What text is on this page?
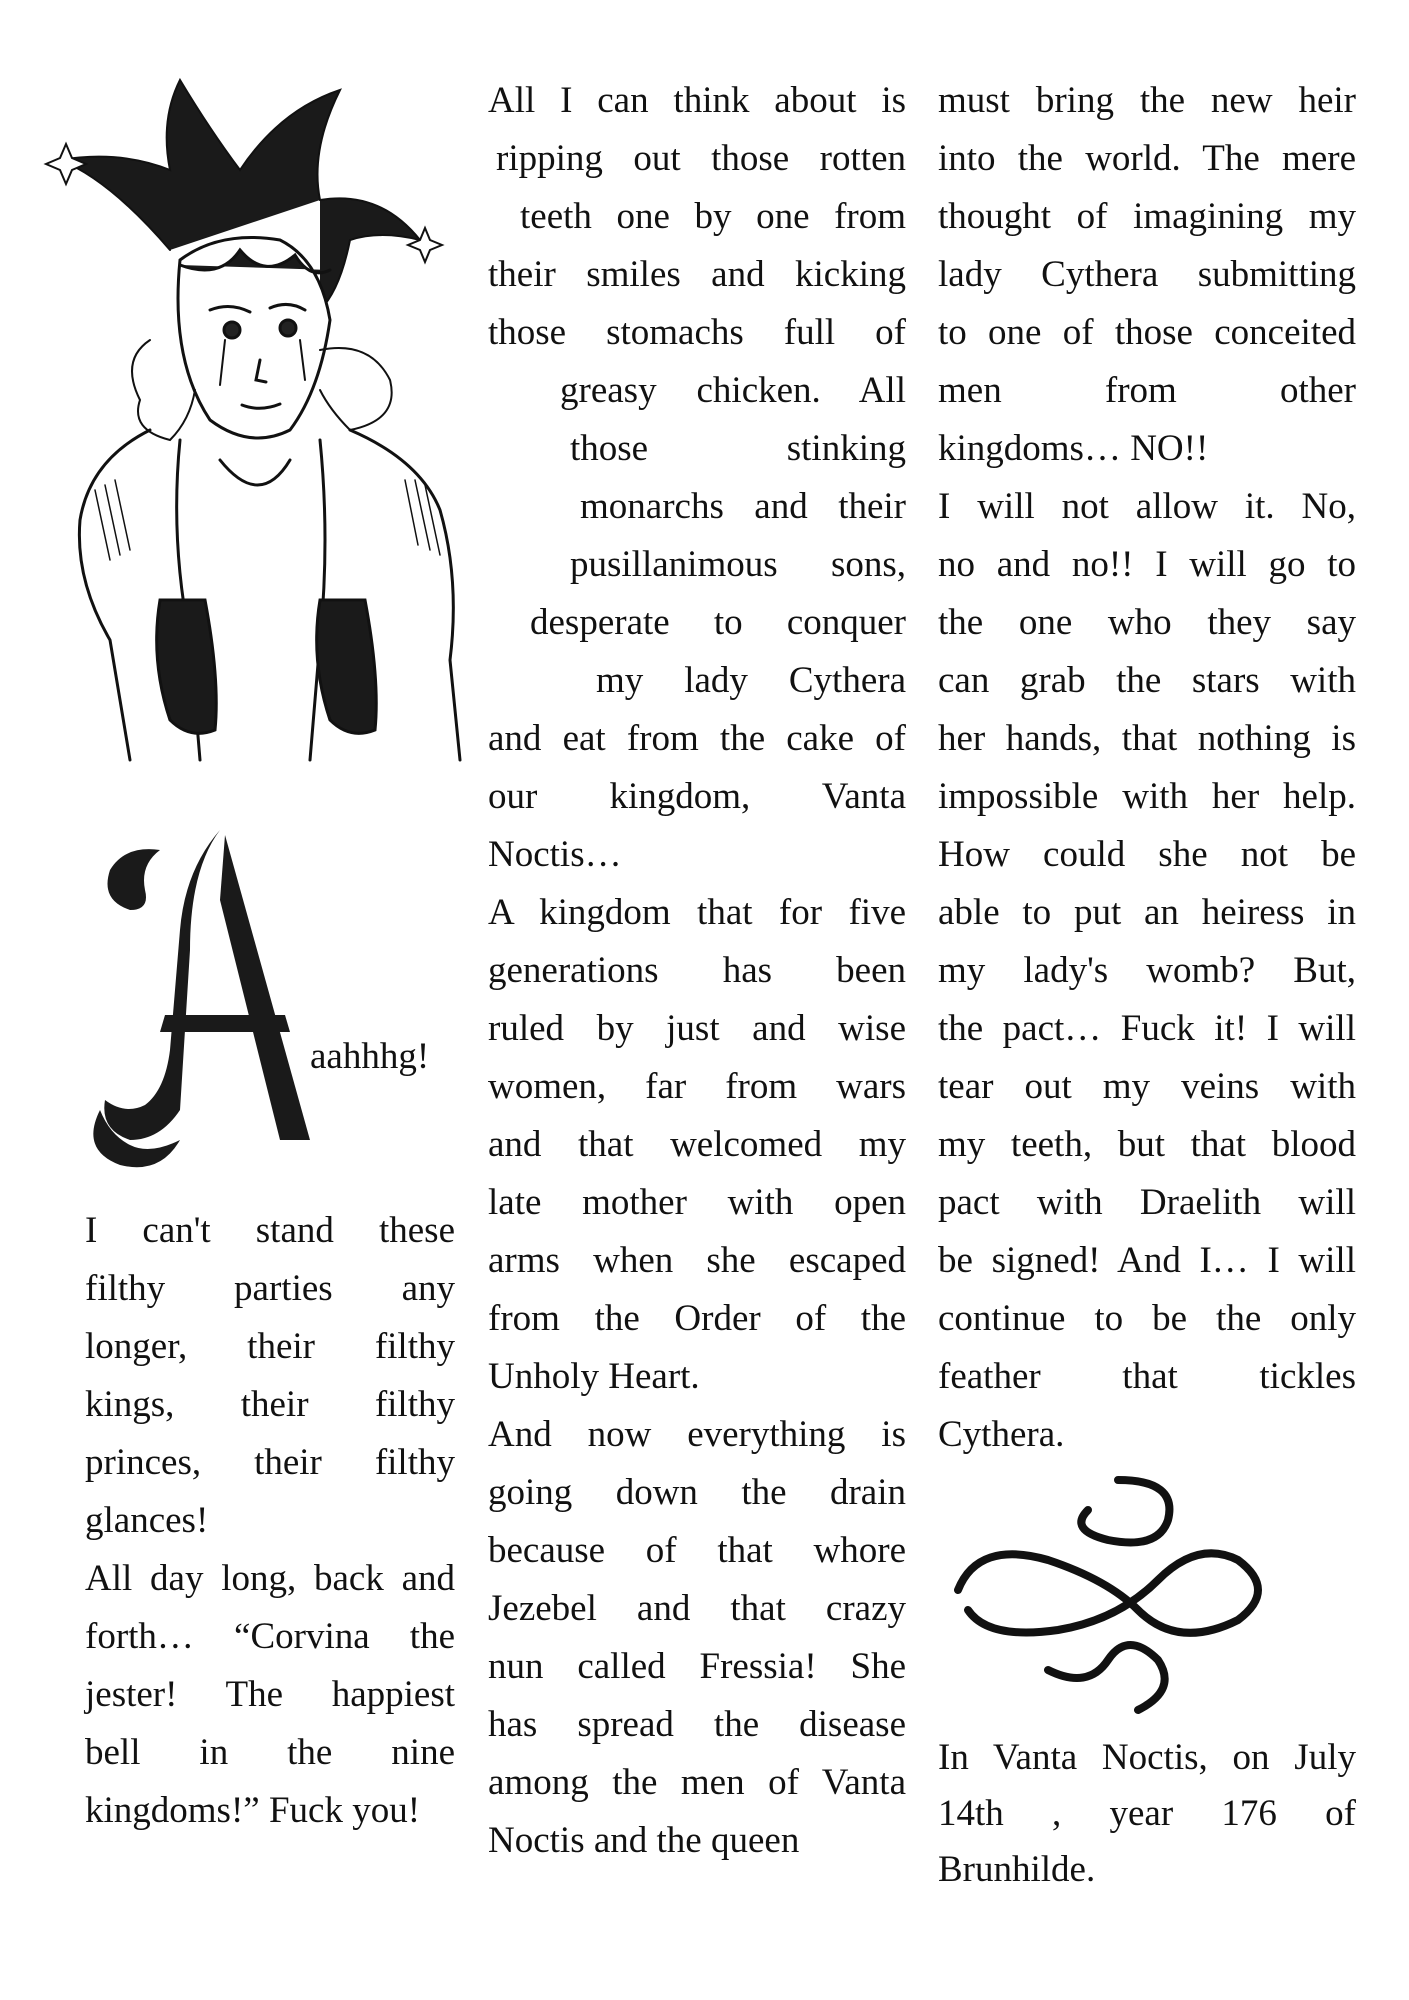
aahhhg!
I can't stand these
filthy parties any
longer, their filthy
kings, their filthy
princes, their filthy
glances!
All day long, back and
forth… “Corvina the
jester! The happiest
bell in the nine
kingdoms!” Fuck you!
All I can think about is
ripping out those rotten
teeth one by one from
their smiles and kicking
those stomachs full of
greasy chicken. All
those stinking
monarchs and their
pusillanimous sons,
desperate to conquer
my lady Cythera
and eat from the cake of
our kingdom, Vanta
Noctis…
A kingdom that for five
generations has been
ruled by just and wise
women, far from wars
and that welcomed my
late mother with open
arms when she escaped
from the Order of the
Unholy Heart.
And now everything is
going down the drain
because of that whore
Jezebel and that crazy
nun called Fressia! She
has spread the disease
among the men of Vanta
Noctis and the queen
must bring the new heir
into the world. The mere
thought of imagining my
lady Cythera submitting
to one of those conceited
men from other
kingdoms… NO!!
I will not allow it. No,
no and no!! I will go to
the one who they say
can grab the stars with
her hands, that nothing is
impossible with her help.
How could she not be
able to put an heiress in
my lady's womb? But,
the pact… Fuck it! I will
tear out my veins with
my teeth, but that blood
pact with Draelith will
be signed! And I… I will
continue to be the only
feather that tickles
Cythera.
In Vanta Noctis, on July 14th , year 176 of Brunhilde.
